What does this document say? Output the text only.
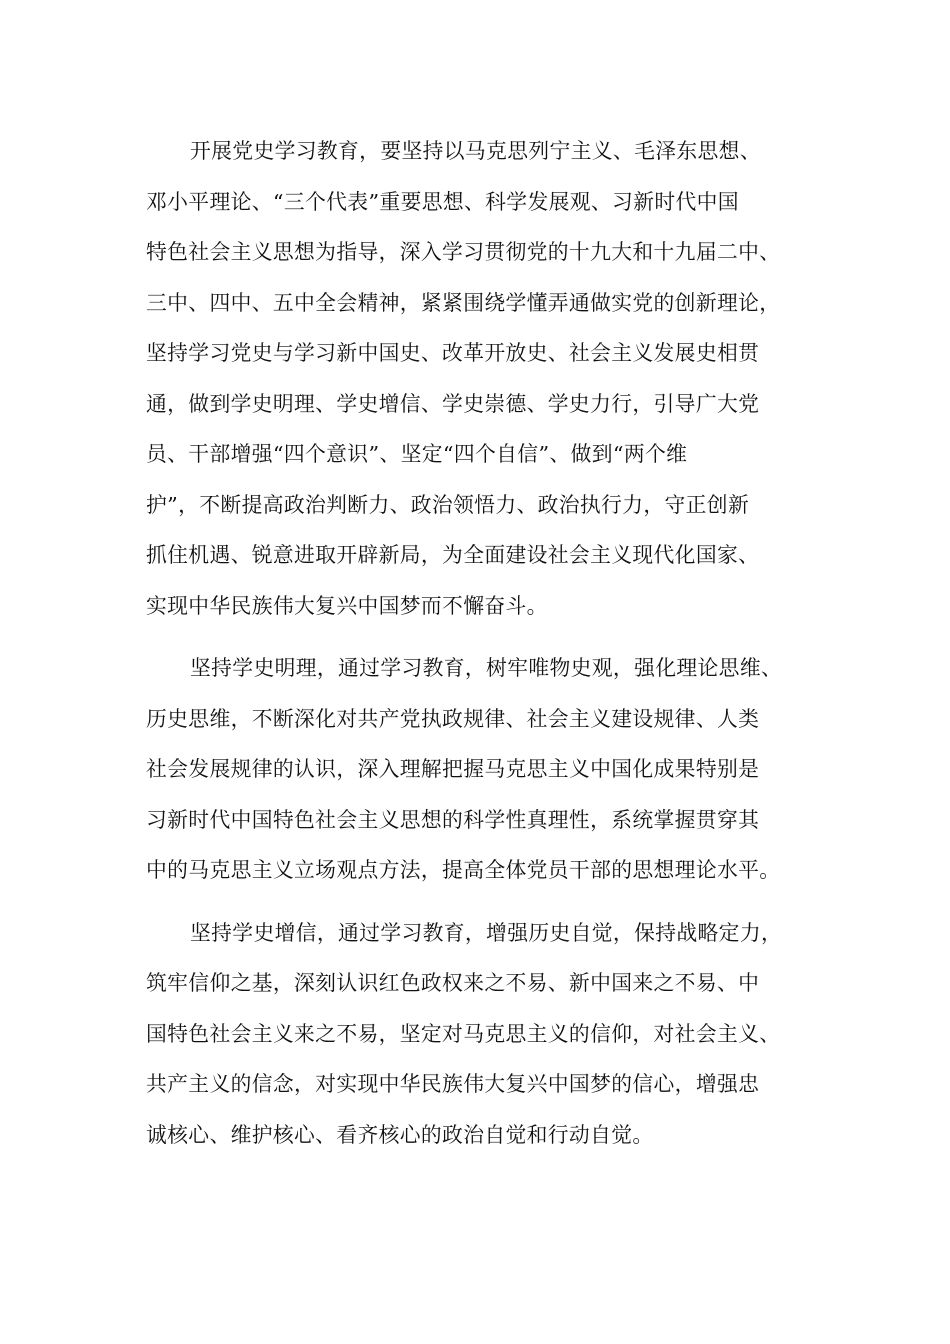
开展党史学习教育，要坚持以马克思列宁主义、毛泽东思想、
邓小平理论、“三个代表”重要思想、科学发展观、习新时代中国
特色社会主义思想为指导，深入学习贯彻党的十九大和十九届二中、
三中、四中、五中全会精神，紧紧围绕学懂弄通做实党的创新理论，
坚持学习党史与学习新中国史、改革开放史、社会主义发展史相贯
通，做到学史明理、学史增信、学史崇德、学史力行，引导广大党
员、干部增强“四个意识”、坚定“四个自信”、做到“两个维
护”，不断提高政治判断力、政治领悟力、政治执行力，守正创新
抓住机遇、锐意进取开辟新局，为全面建设社会主义现代化国家、
实现中华民族伟大复兴中国梦而不懈奋斗。

坚持学史明理，通过学习教育，树牢唯物史观，强化理论思维、
历史思维，不断深化对共产党执政规律、社会主义建设规律、人类
社会发展规律的认识，深入理解把握马克思主义中国化成果特别是
习新时代中国特色社会主义思想的科学性真理性，系统掌握贯穿其
中的马克思主义立场观点方法，提高全体党员干部的思想理论水平。

坚持学史增信，通过学习教育，增强历史自觉，保持战略定力，
筑牢信仰之基，深刻认识红色政权来之不易、新中国来之不易、中
国特色社会主义来之不易，坚定对马克思主义的信仰，对社会主义、
共产主义的信念，对实现中华民族伟大复兴中国梦的信心，增强忠
诚核心、维护核心、看齐核心的政治自觉和行动自觉。
